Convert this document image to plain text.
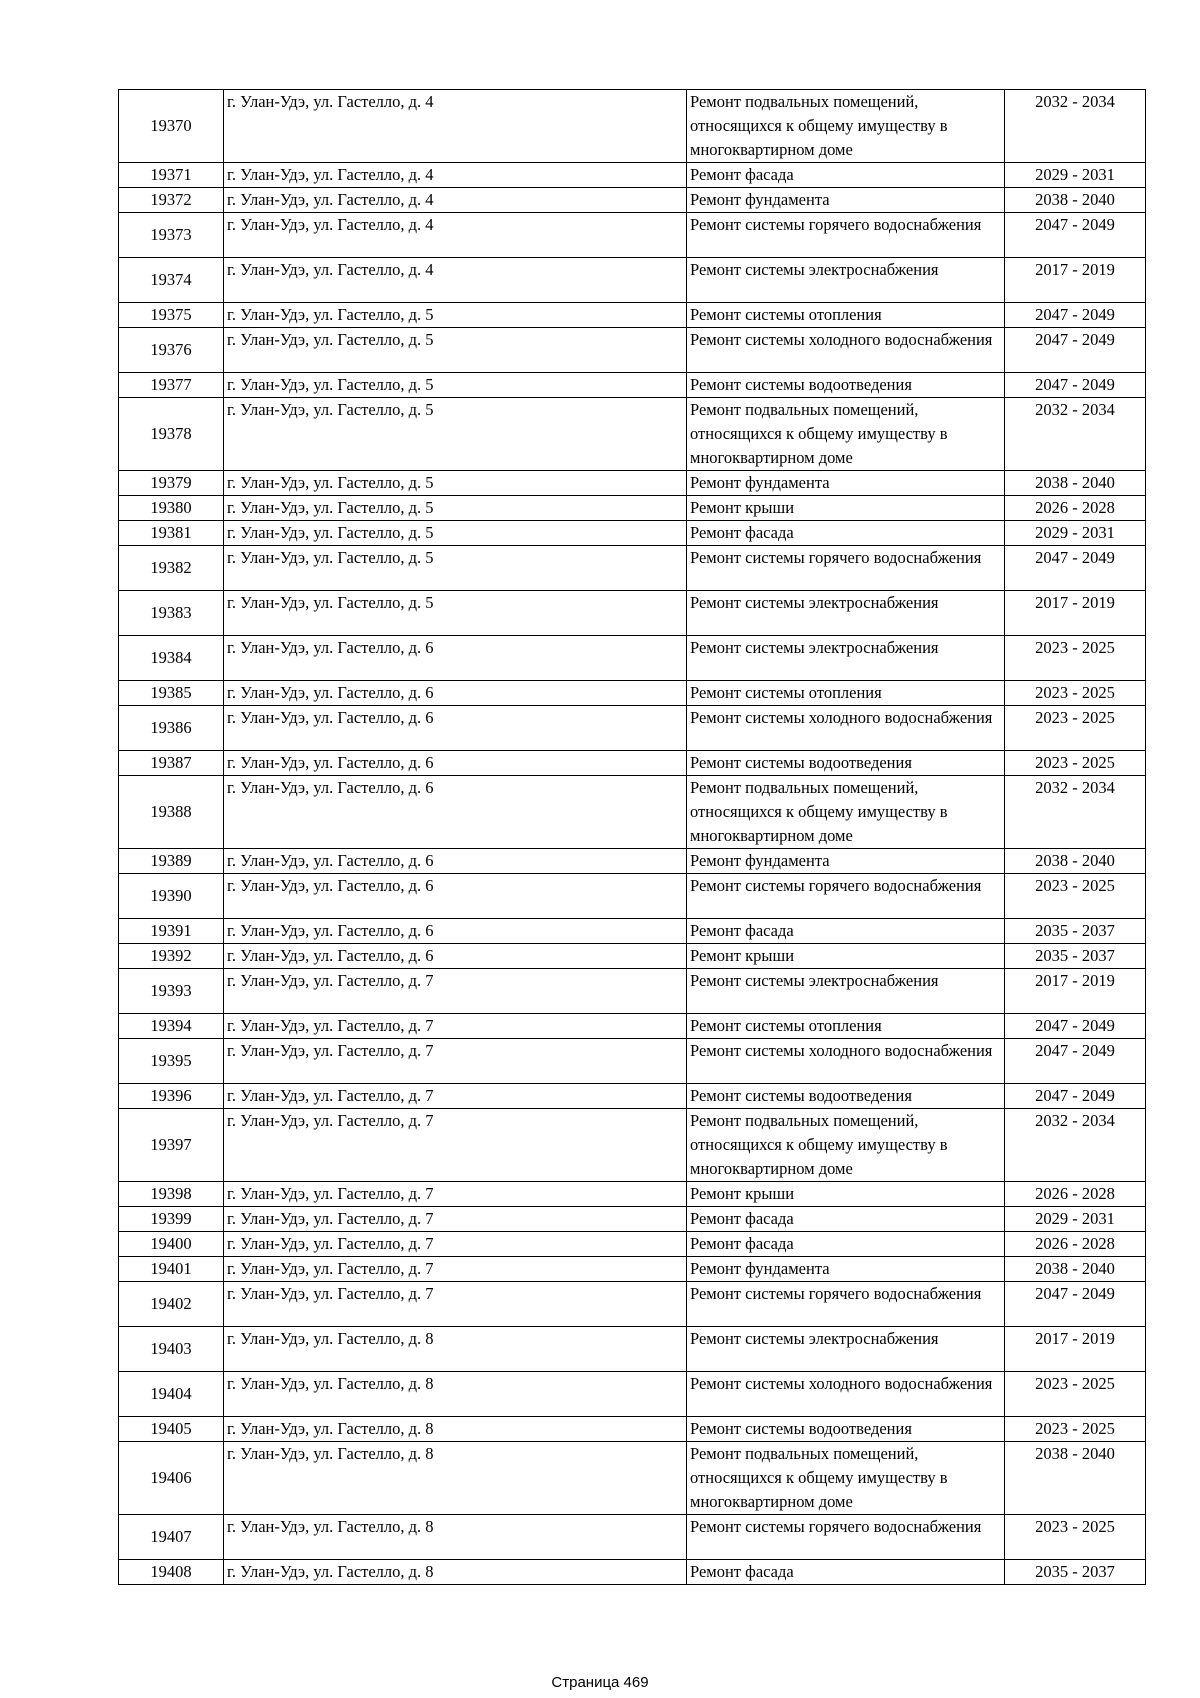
19370	г. Улан-Удэ, ул. Гастелло, д. 4	Ремонт подвальных помещений, относящихся к общему имуществу в многоквартирном доме	2032 - 2034
19371	г. Улан-Удэ, ул. Гастелло, д. 4	Ремонт фасада	2029 - 2031
19372	г. Улан-Удэ, ул. Гастелло, д. 4	Ремонт фундамента	2038 - 2040
19373	г. Улан-Удэ, ул. Гастелло, д. 4	Ремонт системы горячего водоснабжения	2047 - 2049
19374	г. Улан-Удэ, ул. Гастелло, д. 4	Ремонт системы электроснабжения	2017 - 2019
19375	г. Улан-Удэ, ул. Гастелло, д. 5	Ремонт системы отопления	2047 - 2049
19376	г. Улан-Удэ, ул. Гастелло, д. 5	Ремонт системы холодного водоснабжения	2047 - 2049
19377	г. Улан-Удэ, ул. Гастелло, д. 5	Ремонт системы водоотведения	2047 - 2049
19378	г. Улан-Удэ, ул. Гастелло, д. 5	Ремонт подвальных помещений, относящихся к общему имуществу в многоквартирном доме	2032 - 2034
19379	г. Улан-Удэ, ул. Гастелло, д. 5	Ремонт фундамента	2038 - 2040
19380	г. Улан-Удэ, ул. Гастелло, д. 5	Ремонт крыши	2026 - 2028
19381	г. Улан-Удэ, ул. Гастелло, д. 5	Ремонт фасада	2029 - 2031
19382	г. Улан-Удэ, ул. Гастелло, д. 5	Ремонт системы горячего водоснабжения	2047 - 2049
19383	г. Улан-Удэ, ул. Гастелло, д. 5	Ремонт системы электроснабжения	2017 - 2019
19384	г. Улан-Удэ, ул. Гастелло, д. 6	Ремонт системы электроснабжения	2023 - 2025
19385	г. Улан-Удэ, ул. Гастелло, д. 6	Ремонт системы отопления	2023 - 2025
19386	г. Улан-Удэ, ул. Гастелло, д. 6	Ремонт системы холодного водоснабжения	2023 - 2025
19387	г. Улан-Удэ, ул. Гастелло, д. 6	Ремонт системы водоотведения	2023 - 2025
19388	г. Улан-Удэ, ул. Гастелло, д. 6	Ремонт подвальных помещений, относящихся к общему имуществу в многоквартирном доме	2032 - 2034
19389	г. Улан-Удэ, ул. Гастелло, д. 6	Ремонт фундамента	2038 - 2040
19390	г. Улан-Удэ, ул. Гастелло, д. 6	Ремонт системы горячего водоснабжения	2023 - 2025
19391	г. Улан-Удэ, ул. Гастелло, д. 6	Ремонт фасада	2035 - 2037
19392	г. Улан-Удэ, ул. Гастелло, д. 6	Ремонт крыши	2035 - 2037
19393	г. Улан-Удэ, ул. Гастелло, д. 7	Ремонт системы электроснабжения	2017 - 2019
19394	г. Улан-Удэ, ул. Гастелло, д. 7	Ремонт системы отопления	2047 - 2049
19395	г. Улан-Удэ, ул. Гастелло, д. 7	Ремонт системы холодного водоснабжения	2047 - 2049
19396	г. Улан-Удэ, ул. Гастелло, д. 7	Ремонт системы водоотведения	2047 - 2049
19397	г. Улан-Удэ, ул. Гастелло, д. 7	Ремонт подвальных помещений, относящихся к общему имуществу в многоквартирном доме	2032 - 2034
19398	г. Улан-Удэ, ул. Гастелло, д. 7	Ремонт крыши	2026 - 2028
19399	г. Улан-Удэ, ул. Гастелло, д. 7	Ремонт фасада	2029 - 2031
19400	г. Улан-Удэ, ул. Гастелло, д. 7	Ремонт фасада	2026 - 2028
19401	г. Улан-Удэ, ул. Гастелло, д. 7	Ремонт фундамента	2038 - 2040
19402	г. Улан-Удэ, ул. Гастелло, д. 7	Ремонт системы горячего водоснабжения	2047 - 2049
19403	г. Улан-Удэ, ул. Гастелло, д. 8	Ремонт системы электроснабжения	2017 - 2019
19404	г. Улан-Удэ, ул. Гастелло, д. 8	Ремонт системы холодного водоснабжения	2023 - 2025
19405	г. Улан-Удэ, ул. Гастелло, д. 8	Ремонт системы водоотведения	2023 - 2025
19406	г. Улан-Удэ, ул. Гастелло, д. 8	Ремонт подвальных помещений, относящихся к общему имуществу в многоквартирном доме	2038 - 2040
19407	г. Улан-Удэ, ул. Гастелло, д. 8	Ремонт системы горячего водоснабжения	2023 - 2025
19408	г. Улан-Удэ, ул. Гастелло, д. 8	Ремонт фасада	2035 - 2037
Страница 469
